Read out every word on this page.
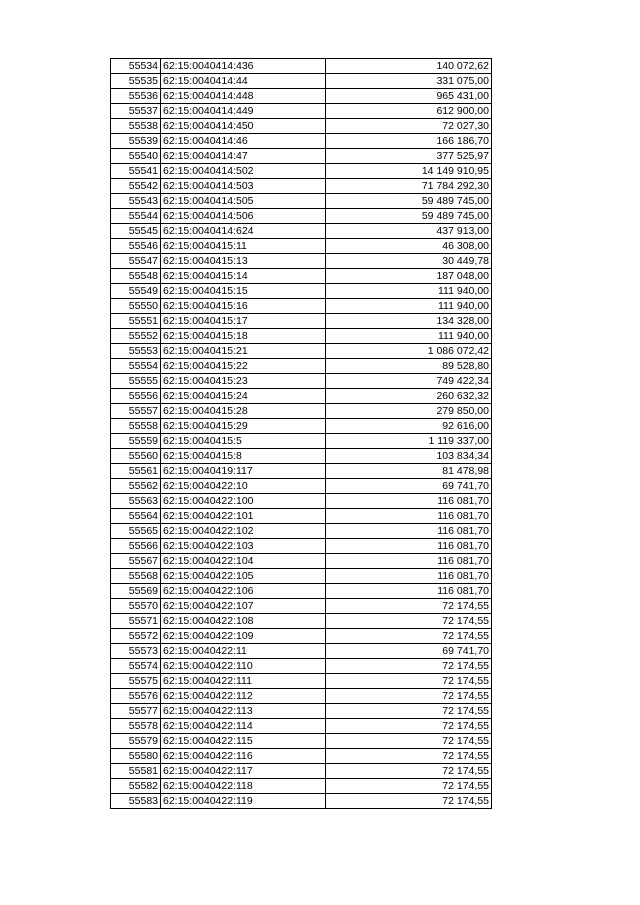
55534	62:15:0040414:436	140 072,62
55535	62:15:0040414:44	331 075,00
55536	62:15:0040414:448	965 431,00
55537	62:15:0040414:449	612 900,00
55538	62:15:0040414:450	72 027,30
55539	62:15:0040414:46	166 186,70
55540	62:15:0040414:47	377 525,97
55541	62:15:0040414:502	14 149 910,95
55542	62:15:0040414:503	71 784 292,30
55543	62:15:0040414:505	59 489 745,00
55544	62:15:0040414:506	59 489 745,00
55545	62:15:0040414:624	437 913,00
55546	62:15:0040415:11	46 308,00
55547	62:15:0040415:13	30 449,78
55548	62:15:0040415:14	187 048,00
55549	62:15:0040415:15	111 940,00
55550	62:15:0040415:16	111 940,00
55551	62:15:0040415:17	134 328,00
55552	62:15:0040415:18	111 940,00
55553	62:15:0040415:21	1 086 072,42
55554	62:15:0040415:22	89 528,80
55555	62:15:0040415:23	749 422,34
55556	62:15:0040415:24	260 632,32
55557	62:15:0040415:28	279 850,00
55558	62:15:0040415:29	92 616,00
55559	62:15:0040415:5	1 119 337,00
55560	62:15:0040415:8	103 834,34
55561	62:15:0040419:117	81 478,98
55562	62:15:0040422:10	69 741,70
55563	62:15:0040422:100	116 081,70
55564	62:15:0040422:101	116 081,70
55565	62:15:0040422:102	116 081,70
55566	62:15:0040422:103	116 081,70
55567	62:15:0040422:104	116 081,70
55568	62:15:0040422:105	116 081,70
55569	62:15:0040422:106	116 081,70
55570	62:15:0040422:107	72 174,55
55571	62:15:0040422:108	72 174,55
55572	62:15:0040422:109	72 174,55
55573	62:15:0040422:11	69 741,70
55574	62:15:0040422:110	72 174,55
55575	62:15:0040422:111	72 174,55
55576	62:15:0040422:112	72 174,55
55577	62:15:0040422:113	72 174,55
55578	62:15:0040422:114	72 174,55
55579	62:15:0040422:115	72 174,55
55580	62:15:0040422:116	72 174,55
55581	62:15:0040422:117	72 174,55
55582	62:15:0040422:118	72 174,55
55583	62:15:0040422:119	72 174,55
